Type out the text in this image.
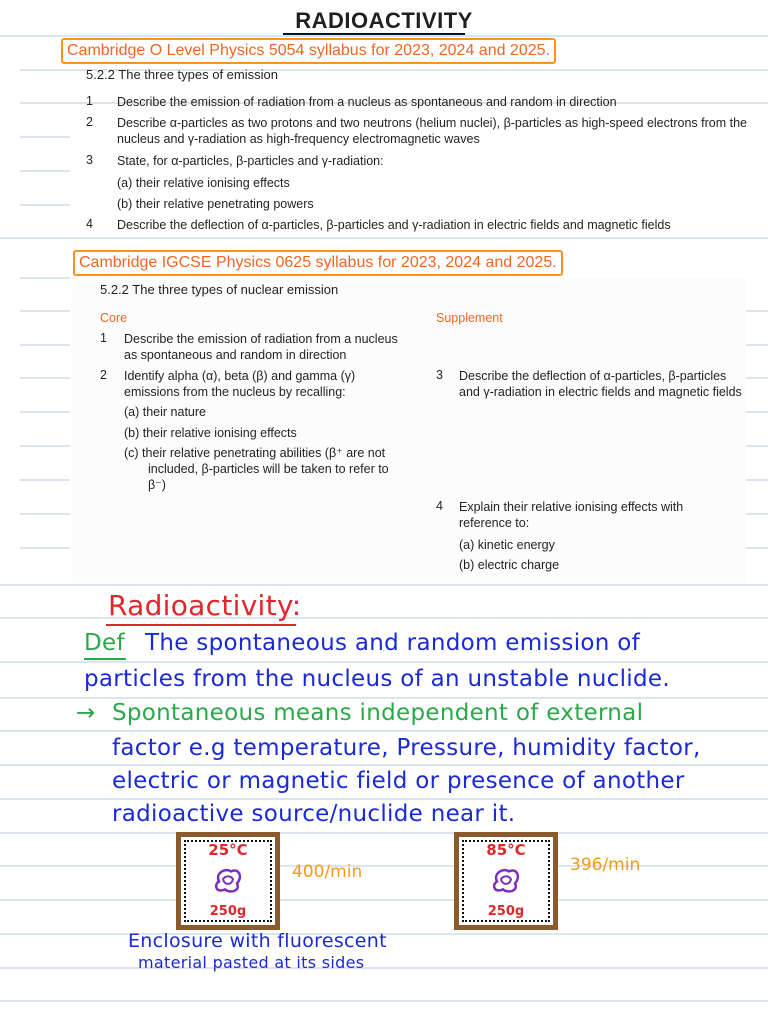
RADIOACTIVITY
Cambridge O Level Physics 5054 syllabus for 2023, 2024 and 2025.
5.2.2 The three types of emission
1 Describe the emission of radiation from a nucleus as spontaneous and random in direction
2 Describe α-particles as two protons and two neutrons (helium nuclei), β-particles as high-speed electrons from the nucleus and γ-radiation as high-frequency electromagnetic waves
3 State, for α-particles, β-particles and γ-radiation:
(a) their relative ionising effects
(b) their relative penetrating powers
4 Describe the deflection of α-particles, β-particles and γ-radiation in electric fields and magnetic fields
Cambridge IGCSE Physics 0625 syllabus for 2023, 2024 and 2025.
5.2.2 The three types of nuclear emission
Core	Supplement
1 Describe the emission of radiation from a nucleus as spontaneous and random in direction
2 Identify alpha (α), beta (β) and gamma (γ) emissions from the nucleus by recalling:
(a) their nature
(b) their relative ionising effects
(c) their relative penetrating abilities (β⁺ are not included, β-particles will be taken to refer to β⁻)
3 Describe the deflection of α-particles, β-particles and γ-radiation in electric fields and magnetic fields
4 Explain their relative ionising effects with reference to:
(a) kinetic energy
(b) electric charge
Radioactivity:
Def The spontaneous and random emission of
particles from the nucleus of an unstable nuclide.
→ Spontaneous means independent of external
factor e.g temperature, Pressure, humidity factor,
electric or magnetic field or presence of another
radioactive source/nuclide near it.
25°C
250g
400/min
85°C
250g
396/min
Enclosure with fluorescent
material pasted at its sides
